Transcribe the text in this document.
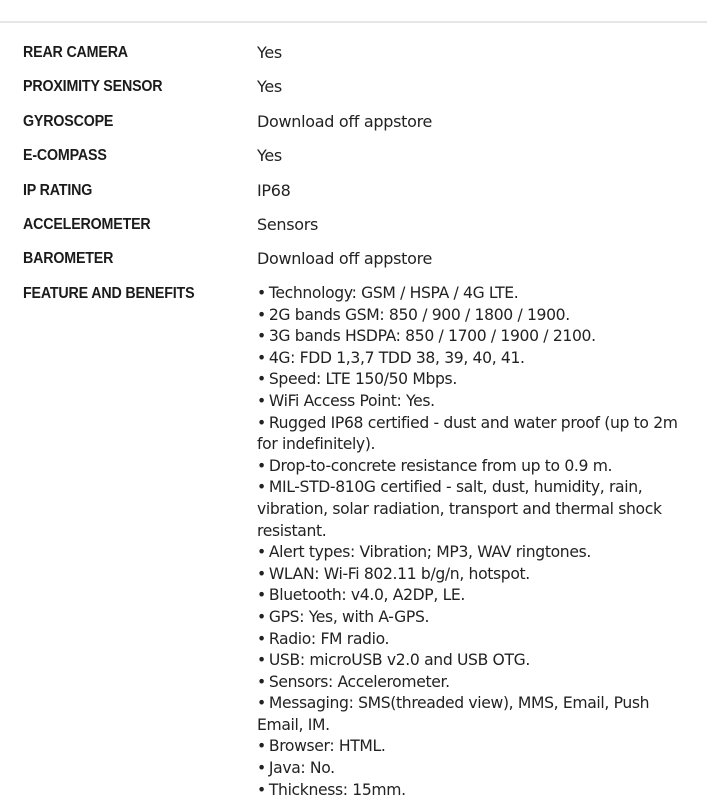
REAR CAMERA	Yes
PROXIMITY SENSOR	Yes
GYROSCOPE	Download off appstore
E-COMPASS	Yes
IP RATING	IP68
ACCELEROMETER	Sensors
BAROMETER	Download off appstore
FEATURE AND BENEFITS	• Technology: GSM / HSPA / 4G LTE.
• 2G bands GSM: 850 / 900 / 1800 / 1900.
• 3G bands HSDPA: 850 / 1700 / 1900 / 2100.
• 4G: FDD 1,3,7 TDD 38, 39, 40, 41.
• Speed: LTE 150/50 Mbps.
• WiFi Access Point: Yes.
• Rugged IP68 certified - dust and water proof (up to 2m for indefinitely).
• Drop-to-concrete resistance from up to 0.9 m.
• MIL-STD-810G certified - salt, dust, humidity, rain, vibration, solar radiation, transport and thermal shock resistant.
• Alert types: Vibration; MP3, WAV ringtones.
• WLAN: Wi-Fi 802.11 b/g/n, hotspot.
• Bluetooth: v4.0, A2DP, LE.
• GPS: Yes, with A-GPS.
• Radio: FM radio.
• USB: microUSB v2.0 and USB OTG.
• Sensors: Accelerometer.
• Messaging: SMS(threaded view), MMS, Email, Push Email, IM.
• Browser: HTML.
• Java: No.
• Thickness: 15mm.
